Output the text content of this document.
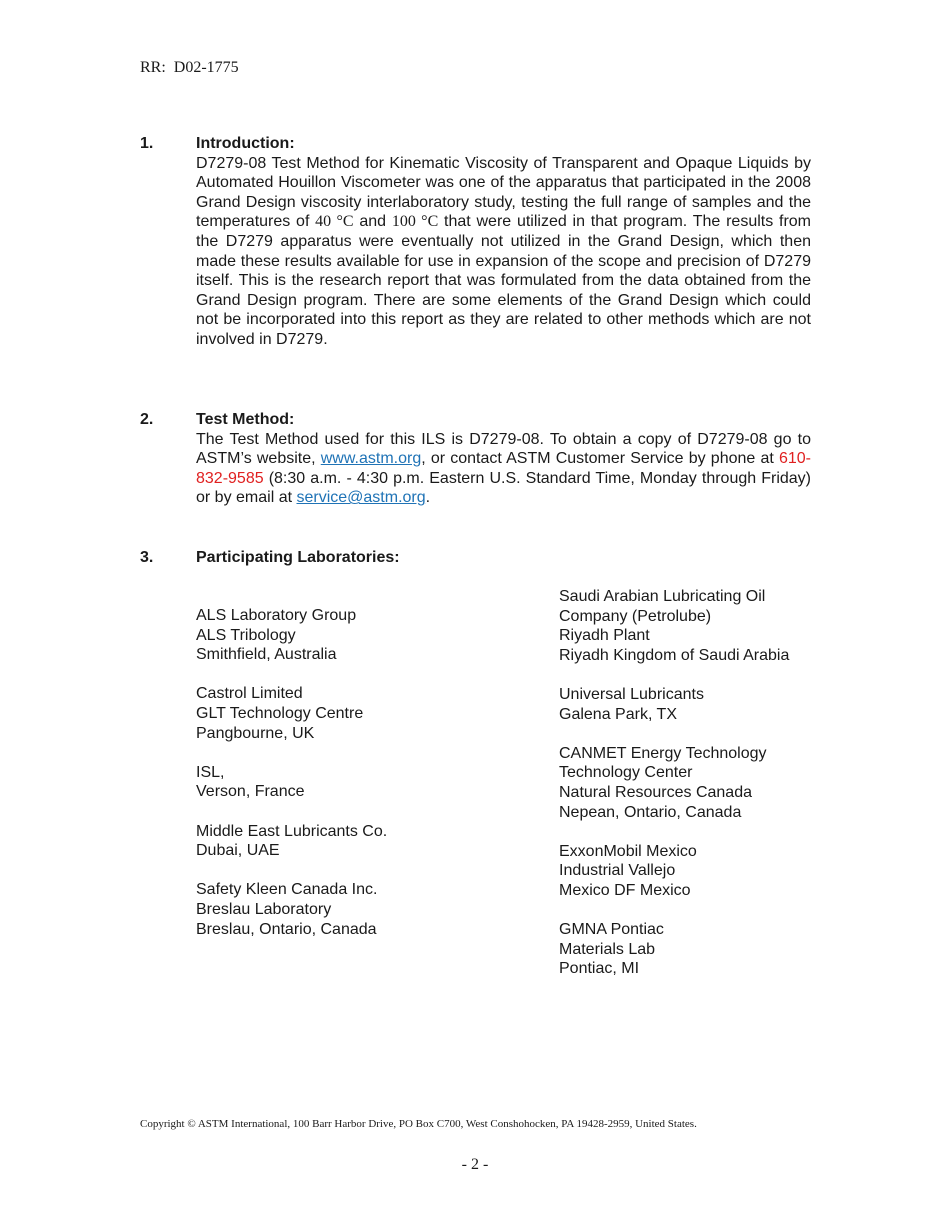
RR:  D02-1775
1.	Introduction:
D7279-08 Test Method for Kinematic Viscosity of Transparent and Opaque Liquids by Automated Houillon Viscometer was one of the apparatus that participated in the 2008 Grand Design viscosity interlaboratory study, testing the full range of samples and the temperatures of 40 °C and 100 °C that were utilized in that program. The results from the D7279 apparatus were eventually not utilized in the Grand Design, which then made these results available for use in expansion of the scope and precision of D7279 itself. This is the research report that was formulated from the data obtained from the Grand Design program. There are some elements of the Grand Design which could not be incorporated into this report as they are related to other methods which are not involved in D7279.
2.	Test Method:
The Test Method used for this ILS is D7279-08. To obtain a copy of D7279-08 go to ASTM’s website, www.astm.org, or contact ASTM Customer Service by phone at 610-832-9585 (8:30 a.m. - 4:30 p.m. Eastern U.S. Standard Time, Monday through Friday) or by email at service@astm.org.
3.	Participating Laboratories:
ALS Laboratory Group
ALS Tribology
Smithfield, Australia
Castrol Limited
GLT Technology Centre
Pangbourne, UK
ISL,
Verson, France
Middle East Lubricants Co.
Dubai, UAE
Safety Kleen Canada Inc.
Breslau Laboratory
Breslau, Ontario, Canada
Saudi Arabian Lubricating Oil
Company (Petrolube)
Riyadh Plant
Riyadh Kingdom of Saudi Arabia
Universal Lubricants
Galena Park, TX
CANMET Energy Technology
Technology Center
Natural Resources Canada
Nepean, Ontario, Canada
ExxonMobil Mexico
Industrial Vallejo
Mexico DF Mexico
GMNA Pontiac
Materials Lab
Pontiac, MI
Copyright © ASTM International, 100 Barr Harbor Drive, PO Box C700, West Conshohocken, PA 19428-2959, United States.
- 2 -
